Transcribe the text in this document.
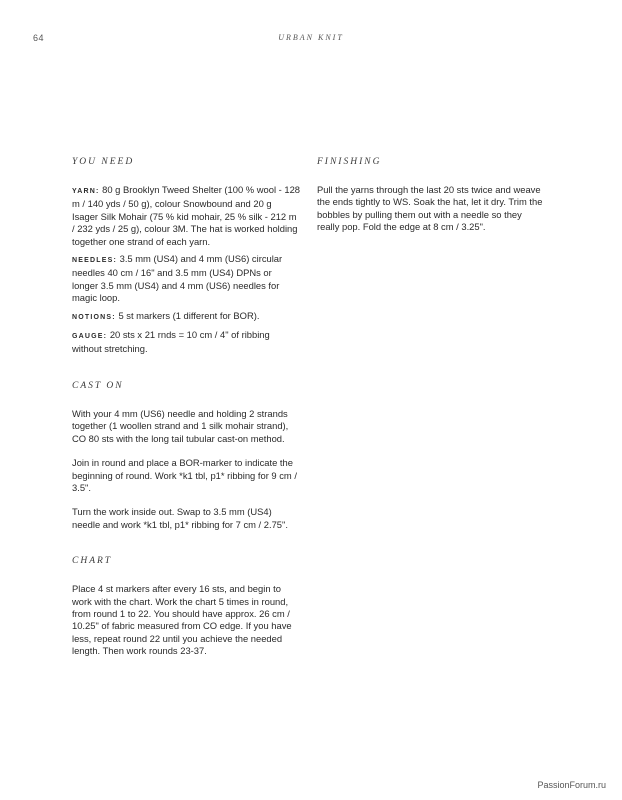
64	URBAN KNIT
YOU NEED

YARN: 80 g Brooklyn Tweed Shelter (100 % wool - 128 m / 140 yds / 50 g), colour Snowbound and 20 g Isager Silk Mohair (75 % kid mohair, 25 % silk - 212 m / 232 yds / 25 g), colour 3M. The hat is worked holding together one strand of each yarn.

NEEDLES: 3.5 mm (US4) and 4 mm (US6) circular needles 40 cm / 16" and 3.5 mm (US4) DPNs or longer 3.5 mm (US4) and 4 mm (US6) needles for magic loop.

NOTIONS: 5 st markers (1 different for BOR).

GAUGE: 20 sts x 21 rnds = 10 cm / 4" of ribbing without stretching.

CAST ON

With your 4 mm (US6) needle and holding 2 strands together (1 woollen strand and 1 silk mohair strand), CO 80 sts with the long tail tubular cast-on method.

Join in round and place a BOR-marker to indicate the beginning of round. Work *k1 tbl, p1* ribbing for 9 cm / 3.5".

Turn the work inside out. Swap to 3.5 mm (US4) needle and work *k1 tbl, p1* ribbing for 7 cm / 2.75".

CHART

Place 4 st markers after every 16 sts, and begin to work with the chart. Work the chart 5 times in round, from round 1 to 22. You should have approx. 26 cm / 10.25" of fabric measured from CO edge. If you have less, repeat round 22 until you achieve the needed length. Then work rounds 23-37.

FINISHING

Pull the yarns through the last 20 sts twice and weave the ends tightly to WS. Soak the hat, let it dry. Trim the bobbles by pulling them out with a needle so they really pop. Fold the edge at 8 cm / 3.25".

PassionForum.ru
